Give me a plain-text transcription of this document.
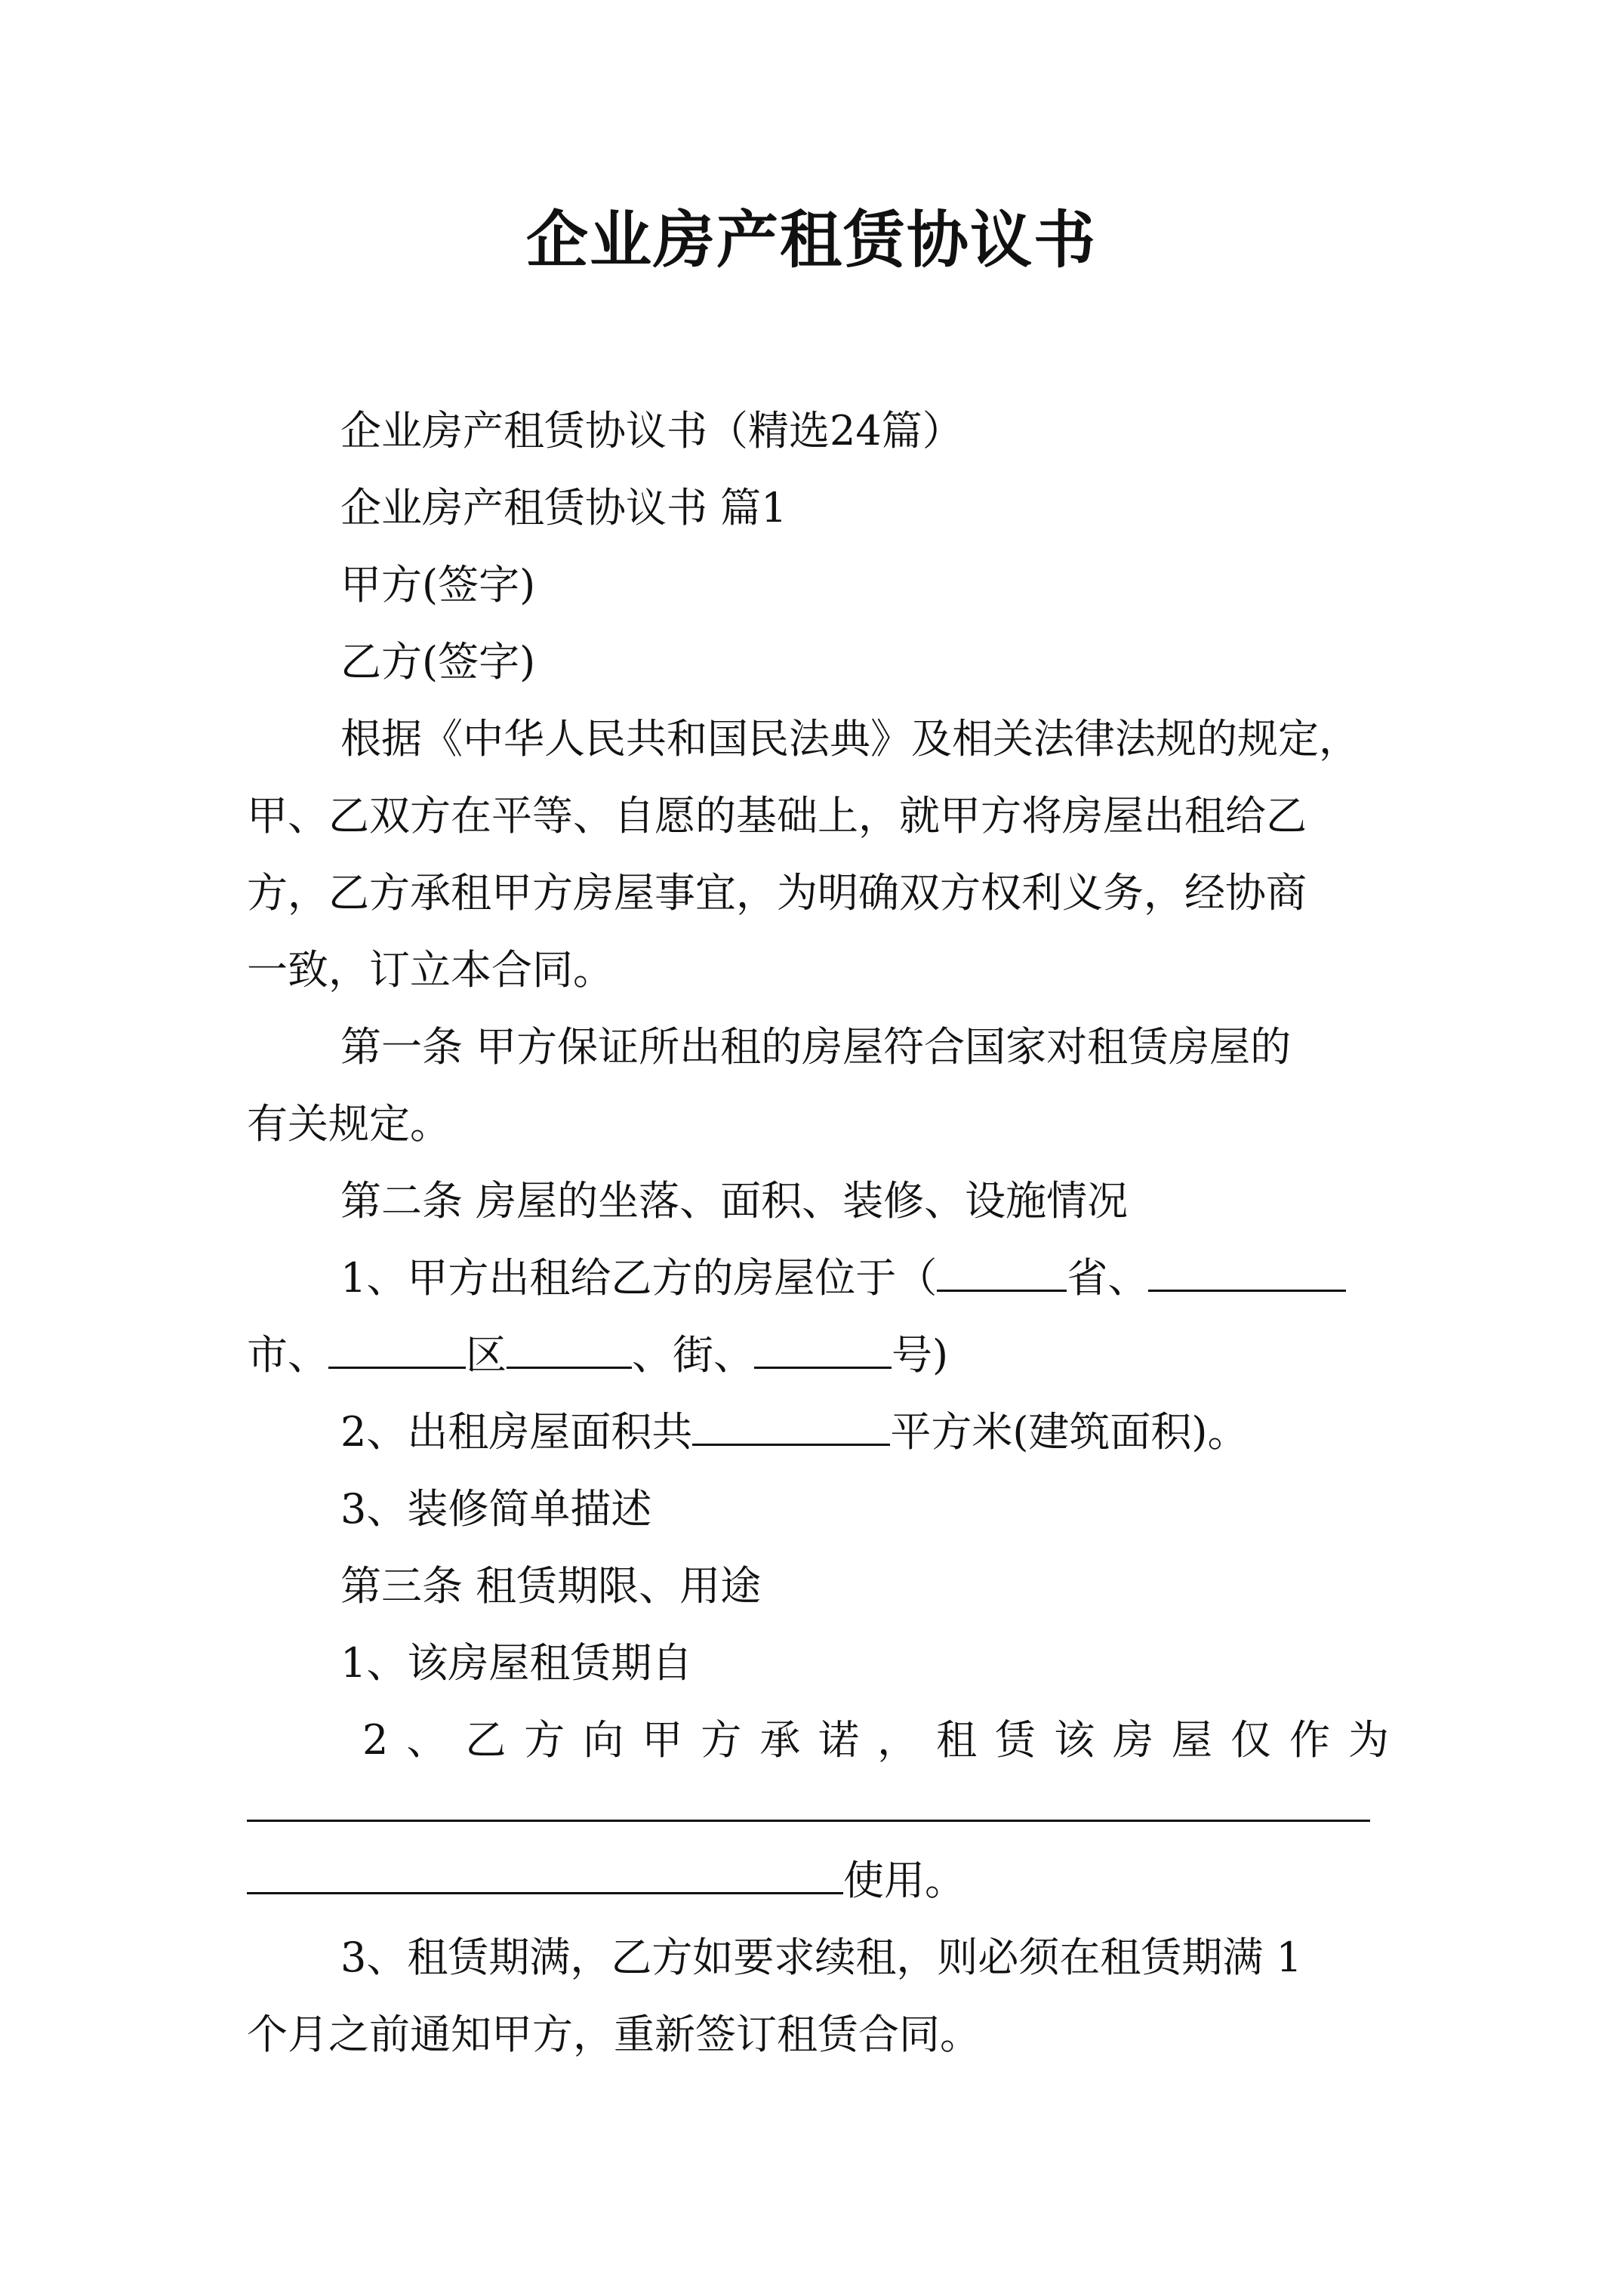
企业房产租赁协议书
企业房产租赁协议书（精选24篇）
企业房产租赁协议书 篇1
甲方(签字)
乙方(签字)
根据《中华人民共和国民法典》及相关法律法规的规定，
甲、乙双方在平等、自愿的基础上，就甲方将房屋出租给乙
方，乙方承租甲方房屋事宜，为明确双方权利义务，经协商
一致，订立本合同。
第一条 甲方保证所出租的房屋符合国家对租赁房屋的
有关规定。
第二条 房屋的坐落、面积、装修、设施情况
1、甲方出租给乙方的房屋位于（	省、
市、	区	、街、	号)
2、出租房屋面积共	平方米(建筑面积)。
3、装修简单描述
第三条 租赁期限、用途
1、该房屋租赁期自
2、乙方向甲方承诺，租赁该房屋仅作为
使用。
3、租赁期满，乙方如要求续租，则必须在租赁期满 1
个月之前通知甲方，重新签订租赁合同。
